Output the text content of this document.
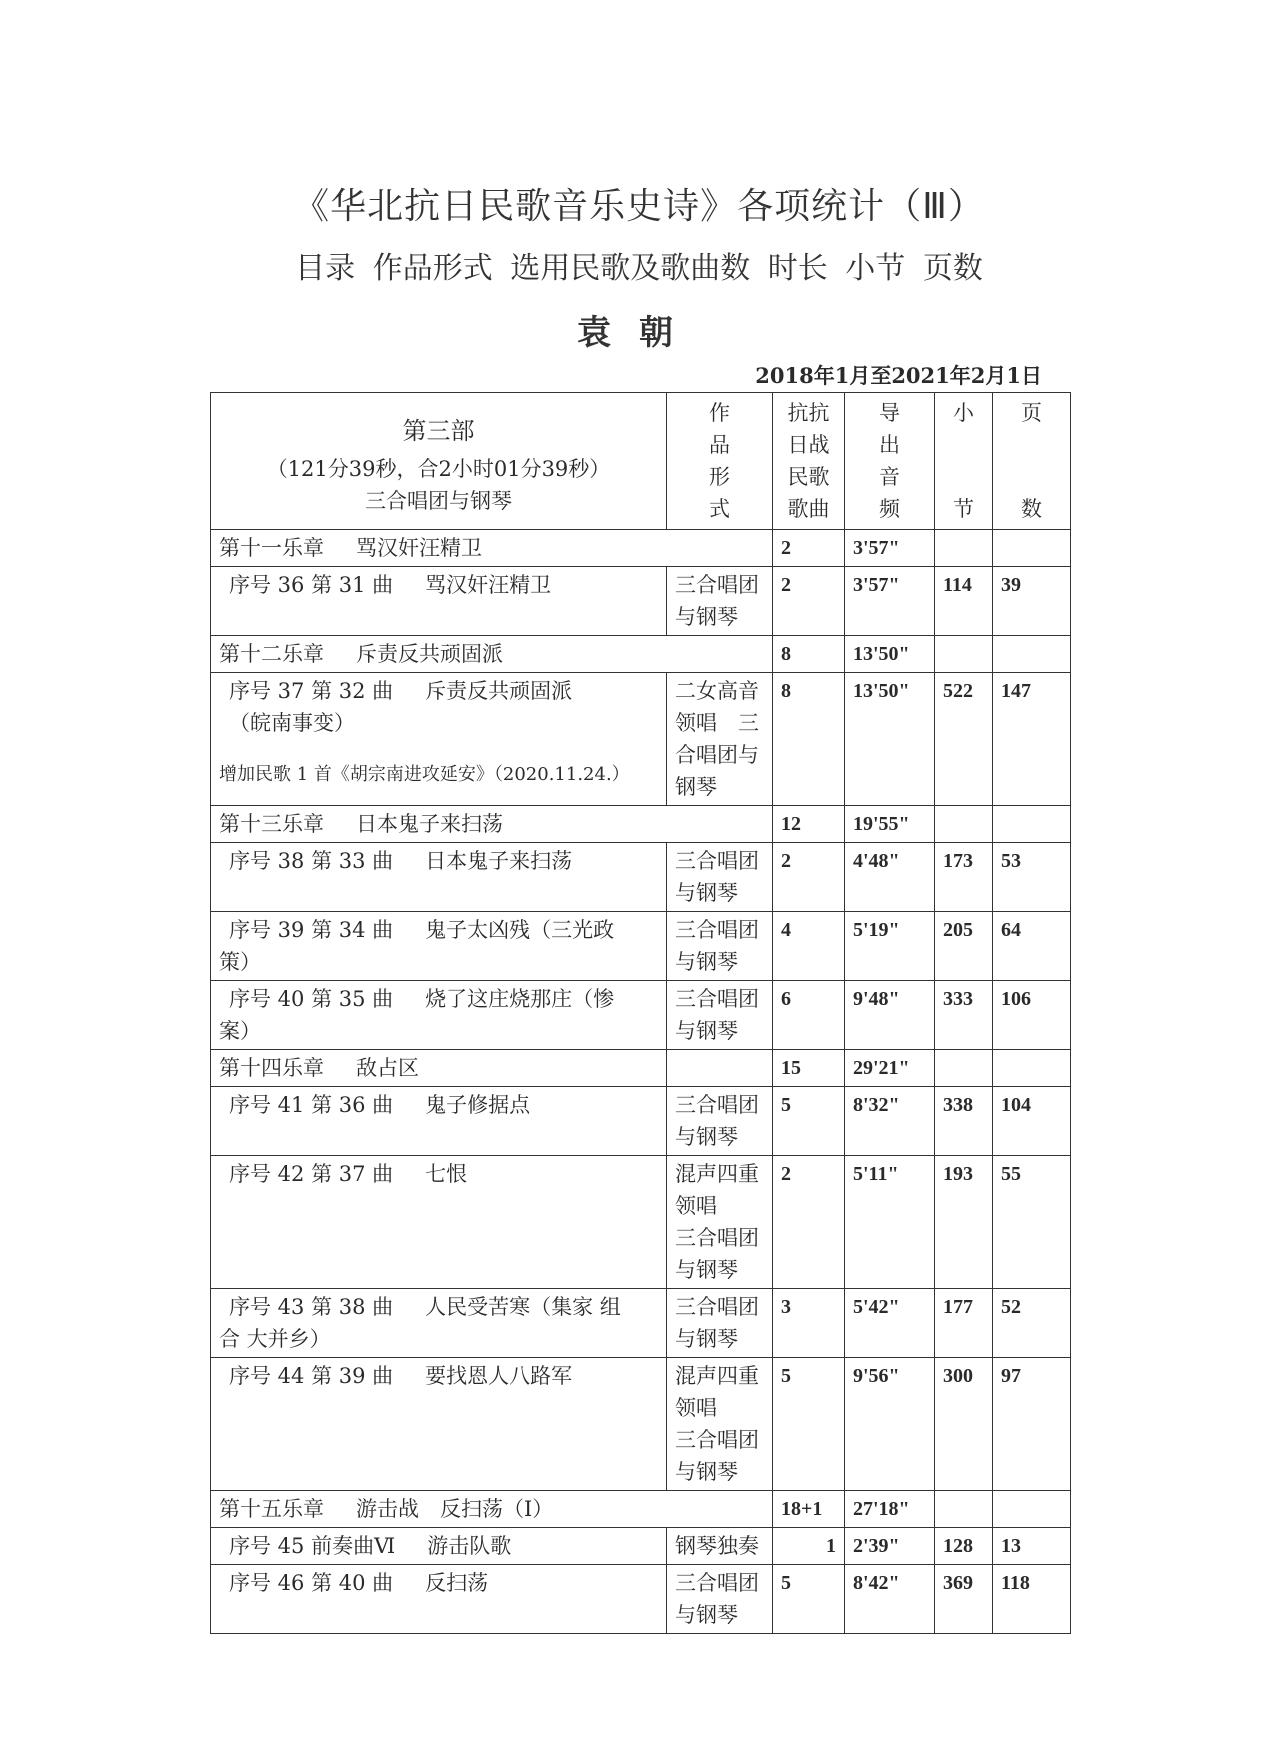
《华北抗日民歌音乐史诗》各项统计（Ⅲ）
目录 作品形式 选用民歌及歌曲数 时长 小节 页数
袁朝
2018年1月至2021年2月1日
第三部
（121分39秒，合2小时01分39秒）
三合唱团与钢琴	作
品
形
式	抗抗
日战
民歌
歌曲	导
出
音
频	小
节	页
数

第十一乐章 骂汉奸汪精卫		2	3'57"		

序号 36 第 31 曲 骂汉奸汪精卫	三合唱团
与钢琴	2	3'57"	114	39
第十二乐章 斥责反共顽固派		8	13'50"		

序号 37 第 32 曲 斥责反共顽固派
（皖南事变）
增加民歌 1 首《胡宗南进攻延安》（2020.11.24.）	二女高音
领唱　三
合唱团与
钢琴	8	13'50"	522	147
第十三乐章 日本鬼子来扫荡		12	19'55"		

序号 38 第 33 曲 日本鬼子来扫荡	三合唱团
与钢琴	2	4'48"	173	53

序号 39 第 34 曲 鬼子太凶残（三光政
策）	三合唱团
与钢琴	4	5'19"	205	64

序号 40 第 35 曲 烧了这庄烧那庄（惨
案）	三合唱团
与钢琴	6	9'48"	333	106
第十四乐章 敌占区		15	29'21"		

序号 41 第 36 曲 鬼子修据点	三合唱团
与钢琴	5	8'32"	338	104

序号 42 第 37 曲 七恨	混声四重
领唱
三合唱团
与钢琴	2	5'11"	193	55

序号 43 第 38 曲 人民受苦寒（集家 组
合 大并乡）	三合唱团
与钢琴	3	5'42"	177	52

序号 44 第 39 曲 要找恩人八路军	混声四重
领唱
三合唱团
与钢琴	5	9'56"	300	97
第十五乐章 游击战　反扫荡（Ⅰ）		18+1	27'18"		

序号 45 前奏曲Ⅵ 游击队歌	钢琴独奏	1	2'39"	128	13

序号 46 第 40 曲 反扫荡	三合唱团
与钢琴	5	8'42"	369	118
